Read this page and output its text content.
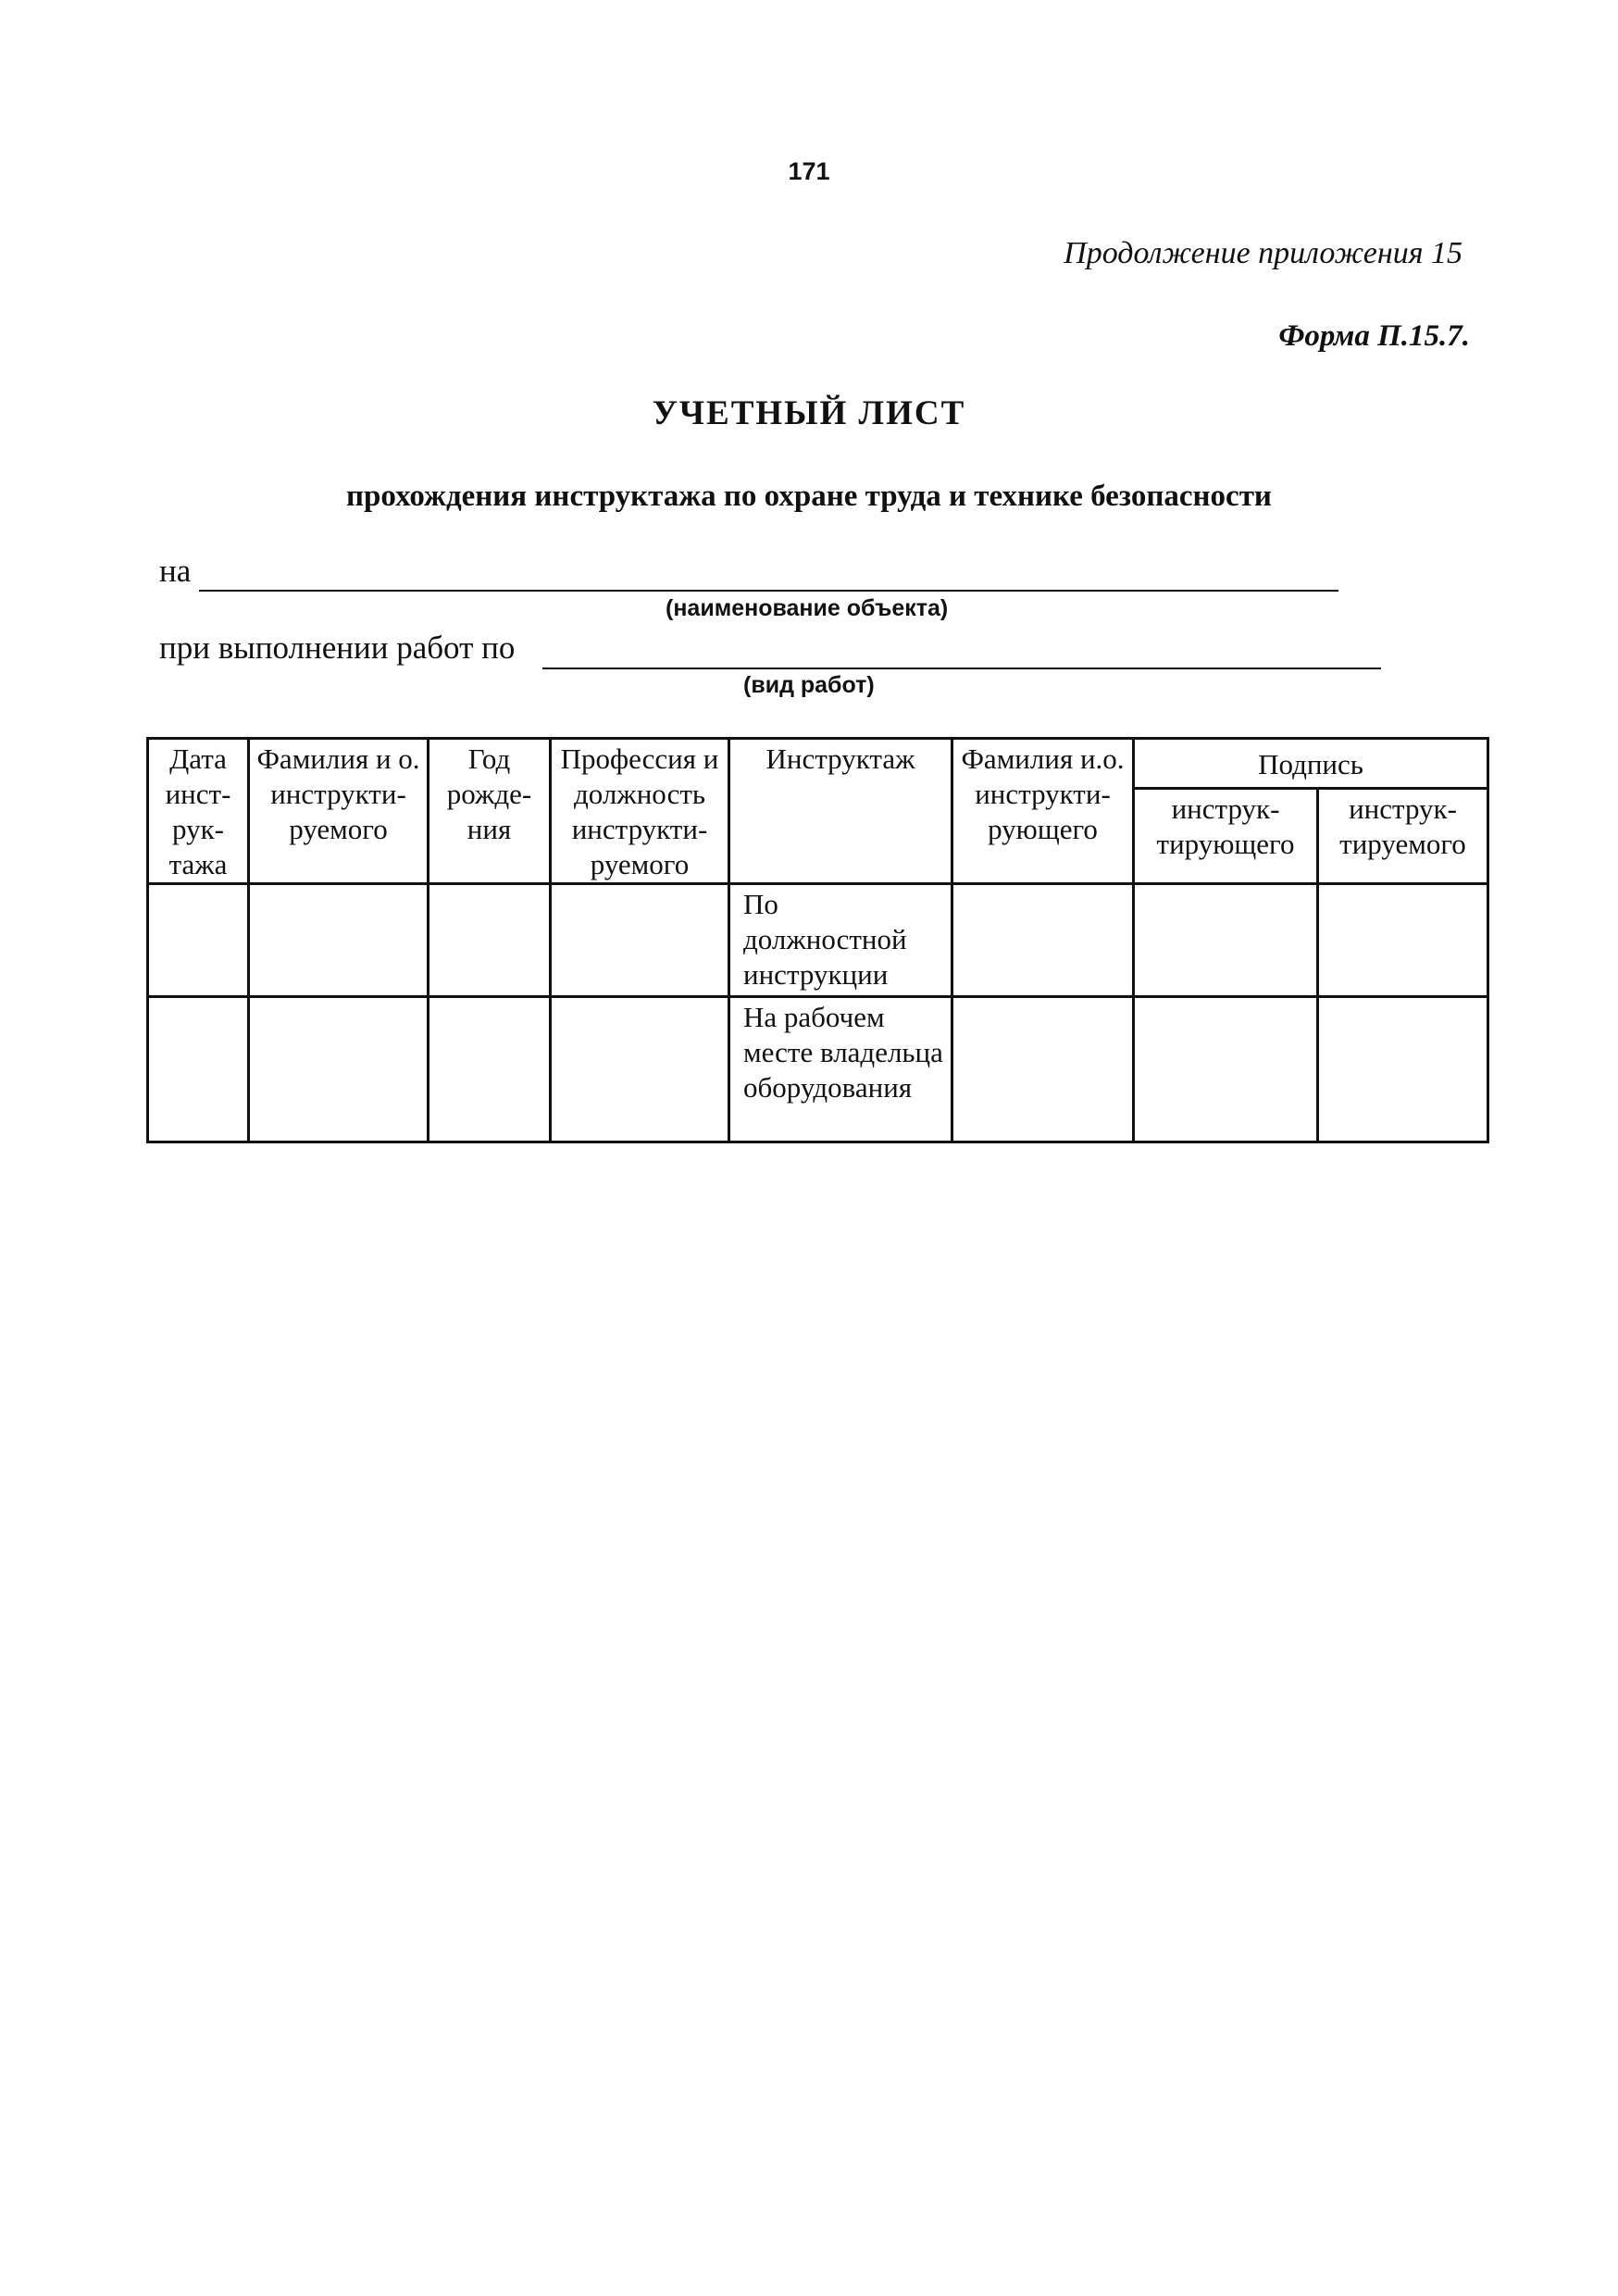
171
Продолжение приложения 15
Форма П.15.7.
УЧЕТНЫЙ ЛИСТ
прохождения инструктажа по охране труда и технике безопасности
на
(наименование объекта)
при выполнении работ по
(вид работ)
Дата инст-рук-тажа	Фамилия и о. инструкти-руемого	Год рожде-ния	Профессия и должность инструкти-руемого	Инструктаж	Фамилия и.о. инструкти-рующего	Подпись	
						инструк-тирующего	инструк-тируемого
				По должностной инструкции			
				На рабочем месте владельца оборудования			
